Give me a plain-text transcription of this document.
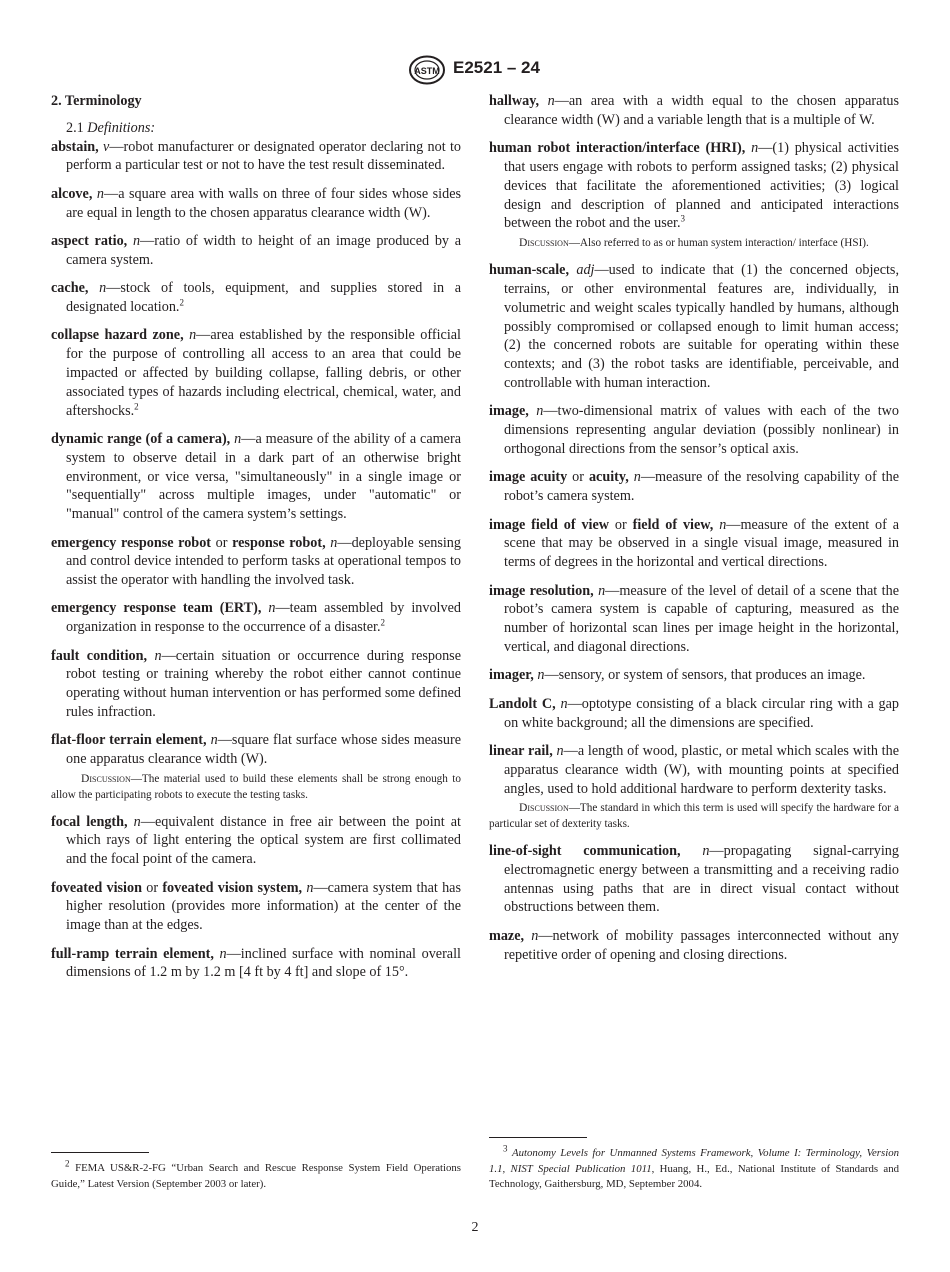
ASTM E2521 – 24
2. Terminology
2.1 Definitions:
abstain, v—robot manufacturer or designated operator declaring not to perform a particular test or not to have the test result disseminated.
alcove, n—a square area with walls on three of four sides whose sides are equal in length to the chosen apparatus clearance width (W).
aspect ratio, n—ratio of width to height of an image produced by a camera system.
cache, n—stock of tools, equipment, and supplies stored in a designated location.$^2$
collapse hazard zone, n—area established by the responsible official for the purpose of controlling all access to an area that could be impacted or affected by building collapse, falling debris, or other associated types of hazards including electrical, chemical, water, and aftershocks.$^2$
dynamic range (of a camera), n—a measure of the ability of a camera system to observe detail in a dark part of an otherwise bright environment, or vice versa, "simultaneously" in a single image or "sequentially" across multiple images, under "automatic" or "manual" control of the camera system’s settings.
emergency response robot or response robot, n—deployable sensing and control device intended to perform tasks at operational tempos to assist the operator with handling the involved task.
emergency response team (ERT), n—team assembled by involved organization in response to the occurrence of a disaster.$^2$
fault condition, n—certain situation or occurrence during response robot testing or training whereby the robot either cannot continue operating without human intervention or has performed some defined rules infraction.
flat-floor terrain element, n—square flat surface whose sides measure one apparatus clearance width (W).
Discussion—The material used to build these elements shall be strong enough to allow the participating robots to execute the testing tasks.
focal length, n—equivalent distance in free air between the point at which rays of light entering the optical system are first collimated and the focal point of the camera.
foveated vision or foveated vision system, n—camera system that has higher resolution (provides more information) at the center of the image than at the edges.
full-ramp terrain element, n—inclined surface with nominal overall dimensions of 1.2 m by 1.2 m [4 ft by 4 ft] and slope of 15°.
hallway, n—an area with a width equal to the chosen apparatus clearance width (W) and a variable length that is a multiple of W.
human robot interaction/interface (HRI), n—(1) physical activities that users engage with robots to perform assigned tasks; (2) physical devices that facilitate the aforementioned activities; (3) logical design and description of planned and anticipated interactions between the robot and the user.$^3$
Discussion—Also referred to as or human system interaction/ interface (HSI).
human-scale, adj—used to indicate that (1) the concerned objects, terrains, or other environmental features are, individually, in volumetric and weight scales typically handled by humans, although possibly compromised or collapsed enough to limit human access; (2) the concerned robots are suitable for operating within these contexts; and (3) the robot tasks are identifiable, perceivable, and controllable with human interaction.
image, n—two-dimensional matrix of values with each of the two dimensions representing angular deviation (possibly nonlinear) in orthogonal directions from the sensor’s optical axis.
image acuity or acuity, n—measure of the resolving capability of the robot’s camera system.
image field of view or field of view, n—measure of the extent of a scene that may be observed in a single visual image, measured in terms of degrees in the horizontal and vertical directions.
image resolution, n—measure of the level of detail of a scene that the robot’s camera system is capable of capturing, measured as the number of horizontal scan lines per image height in the horizontal, vertical, and diagonal directions.
imager, n—sensory, or system of sensors, that produces an image.
Landolt C, n—optotype consisting of a black circular ring with a gap on white background; all the dimensions are specified.
linear rail, n—a length of wood, plastic, or metal which scales with the apparatus clearance width (W), with mounting points at specified angles, used to hold additional hardware to perform dexterity tasks.
Discussion—The standard in which this term is used will specify the hardware for a particular set of dexterity tasks.
line-of-sight communication, n—propagating signal-carrying electromagnetic energy between a transmitting and a receiving radio antennas using paths that are in direct visual contact without obstructions between them.
maze, n—network of mobility passages interconnected without any repetitive order of opening and closing directions.
$^2$ FEMA US&R-2-FG “Urban Search and Rescue Response System Field Operations Guide,” Latest Version (September 2003 or later).
$^3$ Autonomy Levels for Unmanned Systems Framework, Volume I: Terminology, Version 1.1, NIST Special Publication 1011, Huang, H., Ed., National Institute of Standards and Technology, Gaithersburg, MD, September 2004.
2
